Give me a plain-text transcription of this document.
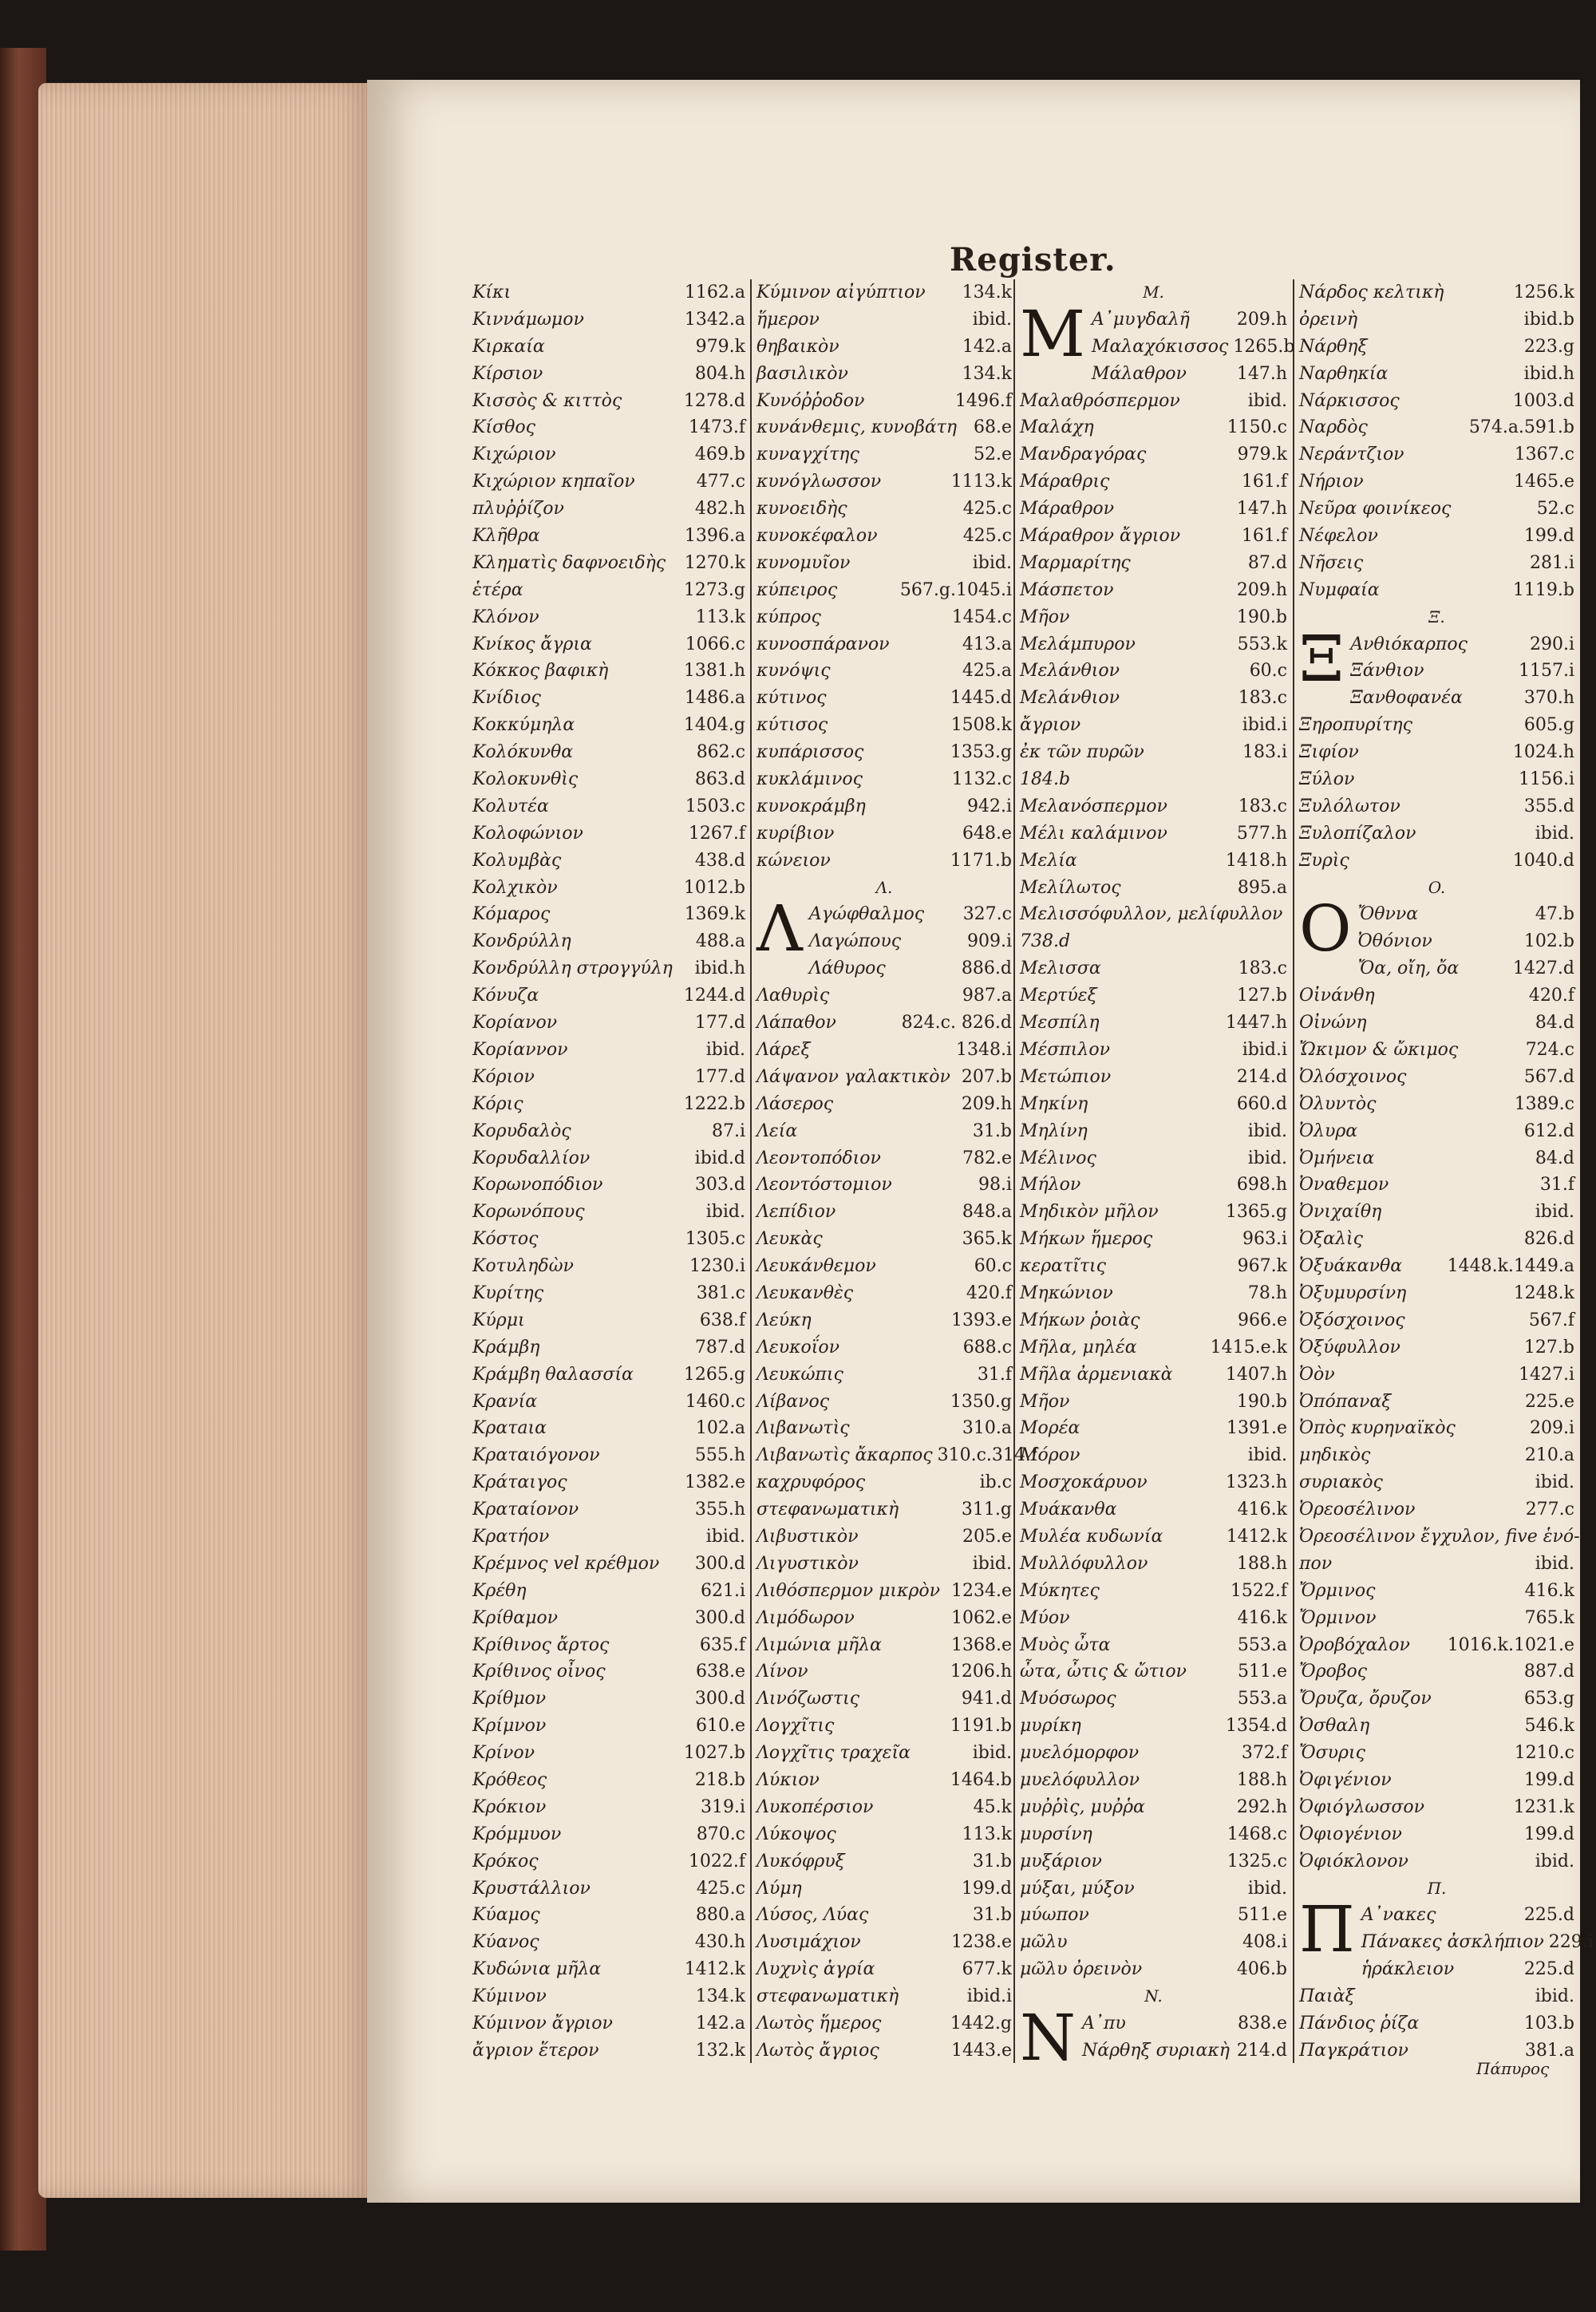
Register.
Κίκι	1162.a
Κιννάμωμον	1342.a
Κιρκαία	979.k
Κίρσιον	804.h
Κισσὸς & κιττὸς	1278.d
Κίσθος	1473.f
Κιχώριον	469.b
Κιχώριον κηπαῖον	477.c
πλυῤῥίζον	482.h
Κλῆθρα	1396.a
Κληματὶς δαφνοειδὴς 1270.k
ἑτέρα	1273.g
Κλόνον	113.k
Κνίκος ἄγρια	1066.c
Κόκκος βαφικὴ	1381.h
Κνίδιος	1486.a
Κοκκύμηλα	1404.g
Κολόκυνθα	862.c
Κολοκυνθὶς	863.d
Κολυτέα	1503.c
Κολοφώνιον	1267.f
Κολυμβὰς	438.d
Κολχικὸν	1012.b
Κόμαρος	1369.k
Κονδρύλλη	488.a
Κονδρύλλη στρογγύλη ibid.h
Κόνυζα	1244.d
Κορίανον	177.d
Κορίαννον	ibid.
Κόριον	177.d
Κόρις	1222.b
Κορυδαλὸς	87.i
Κορυδαλλίον	ibid.d
Κορωνοπόδιον	303.d
Κορωνόπους	ibid.
Κόστος	1305.c
Κοτυληδὼν	1230.i
Κυρίτης	381.c
Κύρμι	638.f
Κράμβη	787.d
Κράμβη θαλασσία	1265.g
Κρανία	1460.c
Κρατaια	102.a
Κραταιόγονον	555.h
Κράταιγος	1382.e
Κραταίονον	355.h
Κρατήον	ibid.
Κρέμνος vel κρέθμον 300.d
Κρέθη	621.i
Κρίθαμον	300.d
Κρίθινος ἄρτος	635.f
Κρίθινος οἶνος	638.e
Κρίθμον	300.d
Κρίμνον	610.e
Κρίνον	1027.b
Κρόθεος	218.b
Κρόκιον	319.i
Κρόμμυον	870.c
Κρόκος	1022.f
Κρυστάλλιον	425.c
Κύαμος	880.a
Κύανος	430.h
Κυδώνια μῆλα	1412.k
Κύμινον	134.k
Κύμινον ἄγριον	142.a
ἄγριον ἕτερον	132.k
Κύμινον αἰγύπτιον 134.k
ἥμερον	ibid.
θηβαικὸν	142.a
βασιλικὸν	134.k
Κυνόῤῥοδον	1496.f
κυνάνθεμις, κυνοβάτη 68.e
κυναγχίτης	52.e
κυνόγλωσσον	1113.k
κυνοειδὴς	425.c
κυνοκέφαλον	425.c
κυνομυῖον	ibid.
κύπειρος	567.g.1045.i
κύπρος	1454.c
κυνοσπάρανον	413.a
κυνόψις	425.a
κύτινος	1445.d
κύτισος	1508.k
κυπάρισσος	1353.g
κυκλάμινος	1132.c
κυνοκράμβη	942.i
κυρίβιον	648.e
κώνειον	1171.b
Λ.
Λ Αγώφθαλμος 327.c
Λαγώπους	909.i
Λάθυρος	886.d
Λαθυρὶς	987.a
Λάπαθον	824.c. 826.d
Λάρεξ	1348.i
Λάψανον γαλακτικὸν 207.b
Λάσερος	209.h
Λεία	31.b
Λεοντοπόδιον	782.e
Λεοντόστομιον	98.i
Λεπίδιον	848.a
Λευκὰς	365.k
Λευκάνθεμον	60.c
Λευκανθὲς	420.f
Λεύκη	1393.e
Λευκοΐον	688.c
Λευκώπις	31.f
Λίβανος	1350.g
Λιβανωτὶς	310.a
Λιβανωτὶς ἄκαρπος 310.c.314.f
καχρυφόρος	ib.c
στεφανωματικὴ	311.g
Λιβυστικὸν	205.e
Λιγυστικὸν	ibid.
Λιθόσπερμον μικρὸν 1234.e
Λιμόδωρον	1062.e
Λιμώνια μῆλα	1368.e
Λίνον	1206.h
Λινόζωστις	941.d
Λογχῖτις	1191.b
Λογχῖτις τραχεῖα	ibid.
Λύκιον	1464.b
Λυκοπέρσιον	45.k
Λύκοψος	113.k
Λυκόφρυξ	31.b
Λύμη	199.d
Λύσος, Λύας	31.b
Λυσιμάχιον	1238.e
Λυχνὶς ἀγρία	677.k
στεφανωματικὴ	ibid.i
Λωτὸς ἥμερος	1442.g
Λωτὸς ἄγριος	1443.e
M.
M Α᾽μυγδαλῆ	209.h
Μαλαχόκισσος 1265.b
Μάλαθρον	147.h
Μαλαθρόσπερμον	ibid.
Μαλάχη	1150.c
Μανδραγόρας	979.k
Μάραθρις	161.f
Μάραθρον	147.h
Μάραθρον ἄγριον	161.f
Μαρμαρίτης	87.d
Μάσπετον	209.h
Μῆον	190.b
Μελάμπυρον	553.k
Μελάνθιον	60.c
Μελάνθιον	183.c
ἄγριον	ibid.i
ἐκ τῶν πυρῶν	183.i
184.b
Μελανόσπερμον	183.c
Μέλι καλάμινον	577.h
Μελία	1418.h
Μελίλωτος	895.a
Μελισσόφυλλον, μελίφυλλον
738.d
Μελισσα	183.c
Μερτύεξ	127.b
Μεσπίλη	1447.h
Μέσπιλον	ibid.i
Μετώπιον	214.d
Μηκίνη	660.d
Μηλίνη	ibid.
Μέλινος	ibid.
Μήλον	698.h
Μηδικὸν μῆλον	1365.g
Μήκων ἥμερος	963.i
κερατῖτις	967.k
Μηκώνιον	78.h
Μήκων ῥοιὰς	966.e
Μῆλα, μηλέα	1415.e.k
Μῆλα ἀρμενιακὰ	1407.h
Μῆον	190.b
Μορέα	1391.e
Μόρον	ibid.
Μοσχοκάρυον	1323.h
Μυάκανθα	416.k
Μυλέα κυδωνία	1412.k
Μυλλόφυλλον	188.h
Μύκητες	1522.f
Μύον	416.k
Μυὸς ὦτα	553.a
ὦτα, ὦτις & ὤτιον	511.e
Μυόσωρος	553.a
μυρίκη	1354.d
μυελόμορφον	372.f
μυελόφυλλον	188.h
μυῤῥὶς, μυῤῥα	292.h
μυρσίνη	1468.c
μυξάριον	1325.c
μύξαι, μύξον	ibid.
μύωπον	511.e
μῶλυ	408.i
μῶλυ ὀρεινὸν	406.b
N.
N Α᾽πυ	838.e
Νάρθηξ συριακὴ 214.d
Νάρδος κελτικὴ	1256.k
ὀρεινὴ	ibid.b
Νάρθηξ	223.g
Ναρθηκία	ibid.h
Νάρκισσος	1003.d
Ναρδὸς	574.a.591.b
Νεράντζιον	1367.c
Νήριον	1465.e
Νεῦρα φοινίκεος	52.c
Νέφελον	199.d
Νῆσεις	281.i
Νυμφαία	1119.b
Ξ.
Ξ Ανθιόκαρπος	290.i
Ξάνθιον	1157.i
Ξανθοφανέα	370.h
Ξηροπυρίτης	605.g
Ξιφίον	1024.h
Ξύλον	1156.i
Ξυλόλωτον	355.d
Ξυλοπίζαλον	ibid.
Ξυρὶς	1040.d
O.
O Ὄθννα	47.b
Ὀθόνιον	102.b
Ὄα, οἴη, ὄα	1427.d
Οἰνάνθη	420.f
Οἰνώνη	84.d
Ὤκιμον & ὤκιμος	724.c
Ὀλόσχοινος	567.d
Ὀλυντὸς	1389.c
Ὀλυρα	612.d
Ὀμήνεια	84.d
Ὀναθεμον	31.f
Ὀνιχαίθη	ibid.
Ὀξαλὶς	826.d
Ὀξυάκανθα	1448.k.1449.a
Ὀξυμυρσίνη	1248.k
Ὀξόσχοινος	567.f
Ὀξύφυλλον	127.b
Ὀὸν	1427.i
Ὀπόπαναξ	225.e
Ὀπὸς κυρηναϊκὸς	209.i
μηδικὸς	210.a
συριακὸς	ibid.
Ὀρεοσέλινον	277.c
Ὀρεοσέλινον ἔγχυλον, five ἑνό-
πον	ibid.
Ὄρμινος	416.k
Ὄρμινον	765.k
Ὀροβόχαλον 1016.k.1021.e
Ὄροβος	887.d
Ὄρυζα, ὄρυζον	653.g
Ὀσθαλη	546.k
Ὄσυρις	1210.c
Ὀφιγένιον	199.d
Ὀφιόγλωσσον	1231.k
Ὀφιογένιον	199.d
Ὀφιόκλονον	ibid.
Π.
Π Α᾽νακες	225.d
Πάνακες ἀσκλήπιον 229.i
ἡράκλειον	225.d
Παιὰξ	ibid.
Πάνδιος ῥίζα	103.b
Παγκράτιον	381.a
Πάπυρος
